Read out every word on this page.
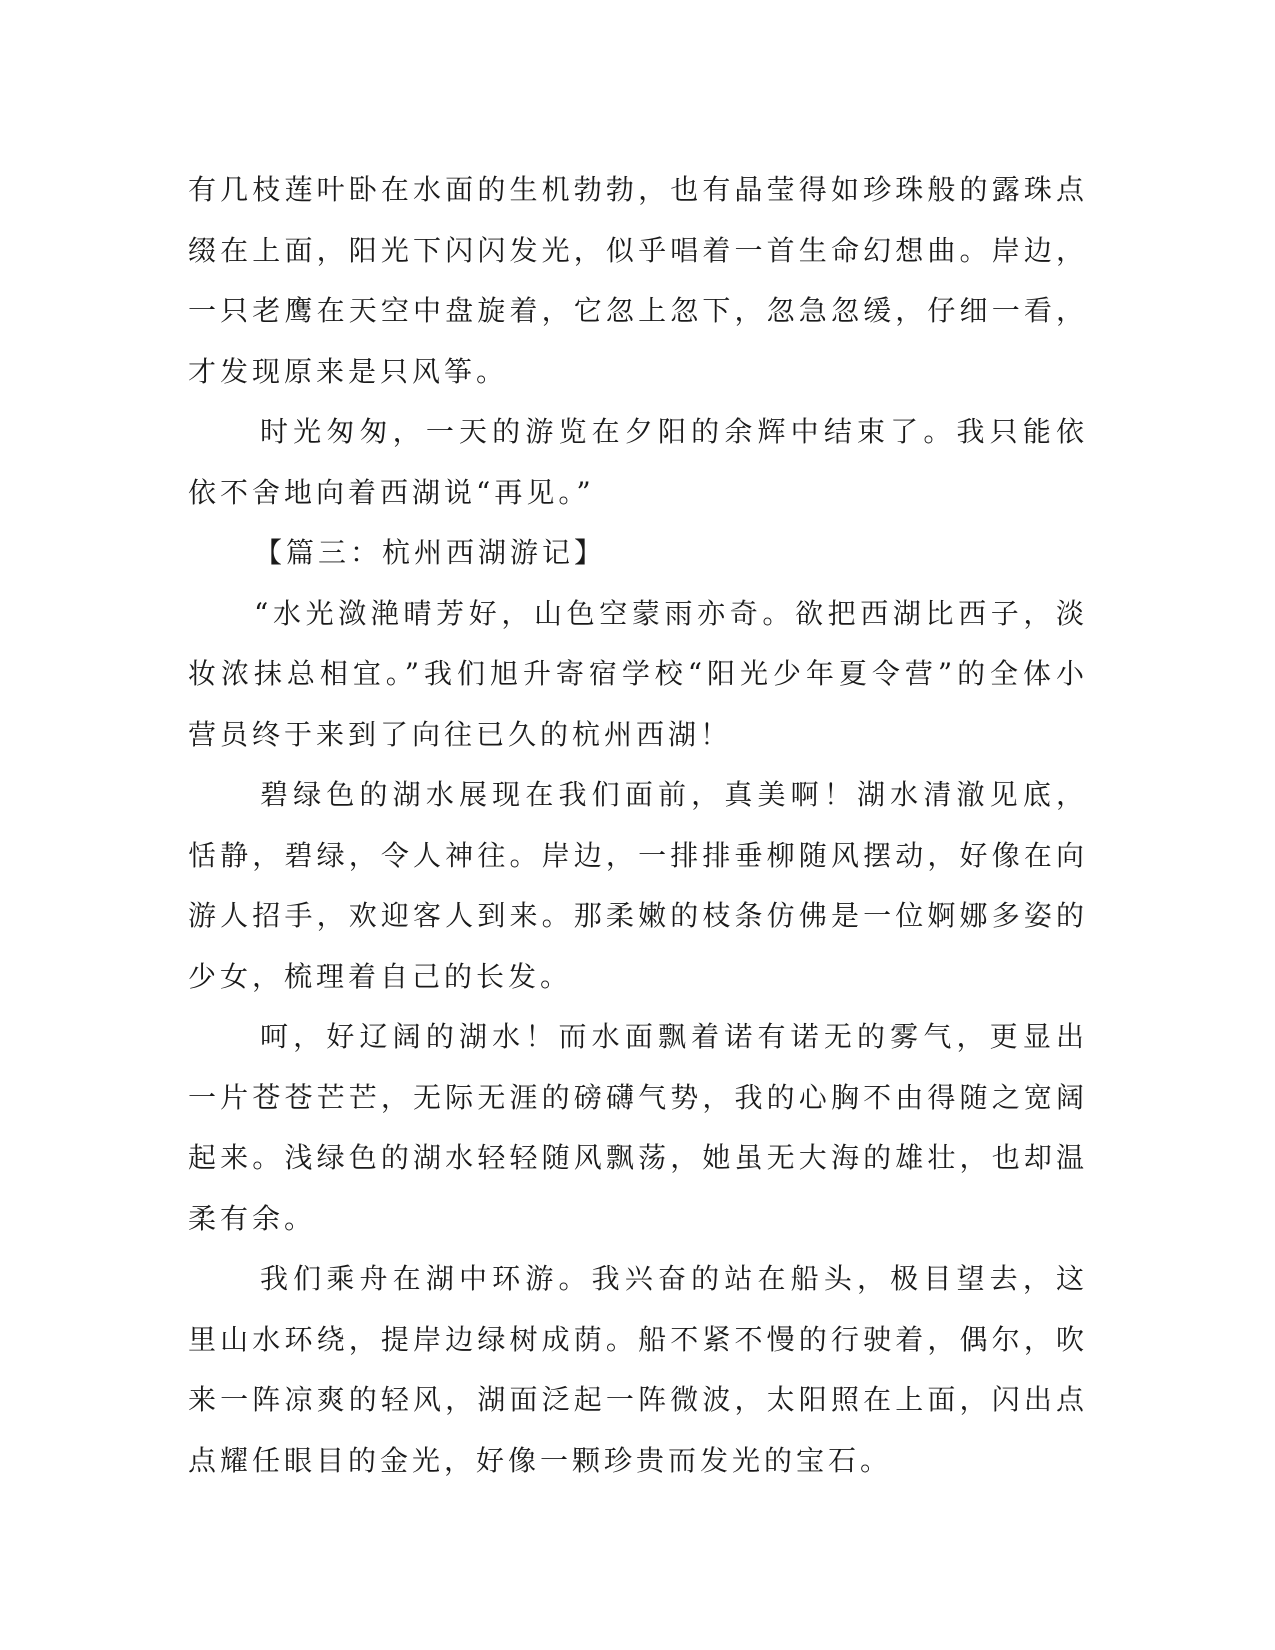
有几枝莲叶卧在水面的生机勃勃，也有晶莹得如珍珠般的露珠点缀在上面，阳光下闪闪发光，似乎唱着一首生命幻想曲。岸边，一只老鹰在天空中盘旋着，它忽上忽下，忽急忽缓，仔细一看，才发现原来是只风筝。

时光匆匆，一天的游览在夕阳的余辉中结束了。我只能依依不舍地向着西湖说“再见。”

【篇三：杭州西湖游记】

“水光潋滟晴芳好，山色空蒙雨亦奇。欲把西湖比西子，淡妆浓抹总相宜。”我们旭升寄宿学校“阳光少年夏令营”的全体小营员终于来到了向往已久的杭州西湖！

碧绿色的湖水展现在我们面前，真美啊！湖水清澈见底，恬静，碧绿，令人神往。岸边，一排排垂柳随风摆动，好像在向游人招手，欢迎客人到来。那柔嫩的枝条仿佛是一位婀娜多姿的少女，梳理着自己的长发。

呵，好辽阔的湖水！而水面飘着诺有诺无的雾气，更显出一片苍苍芒芒，无际无涯的磅礴气势，我的心胸不由得随之宽阔起来。浅绿色的湖水轻轻随风飘荡，她虽无大海的雄壮，也却温柔有余。

我们乘舟在湖中环游。我兴奋的站在船头，极目望去，这里山水环绕，提岸边绿树成荫。船不紧不慢的行驶着，偶尔，吹来一阵凉爽的轻风，湖面泛起一阵微波，太阳照在上面，闪出点点耀任眼目的金光，好像一颗珍贵而发光的宝石。
